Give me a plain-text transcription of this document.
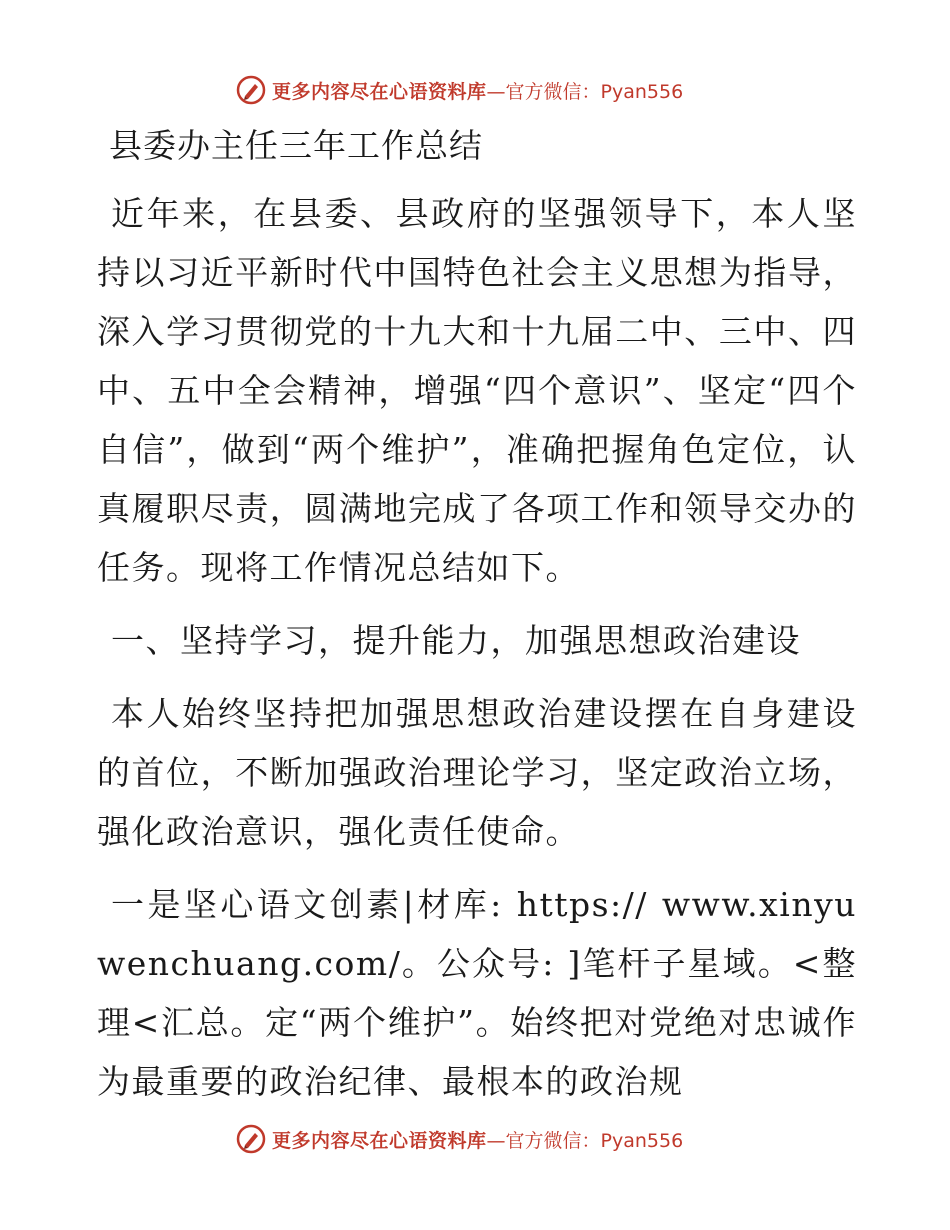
更多内容尽在心语资料库 —官方微信：Pyan556
县委办主任三年工作总结

近年来，在县委、县政府的坚强领导下，本人坚持以习近平新时代中国特色社会主义思想为指导，深入学习贯彻党的十九大和十九届二中、三中、四中、五中全会精神，增强“四个意识”、坚定“四个自信”，做到“两个维护”，准确把握角色定位，认真履职尽责，圆满地完成了各项工作和领导交办的任务。现将工作情况总结如下。

一、坚持学习，提升能力，加强思想政治建设

本人始终坚持把加强思想政治建设摆在自身建设的首位，不断加强政治理论学习，坚定政治立场，强化政治意识，强化责任使命。

一是坚心语文创素|材库: https:// www.xinyuwenchuang.com/。公众号: ]笔杆子星域。<整理<汇总。定“两个维护”。始终把对党绝对忠诚作为最重要的政治纪律、最根本的政治规

更多内容尽在心语资料库 —官方微信：Pyan556
